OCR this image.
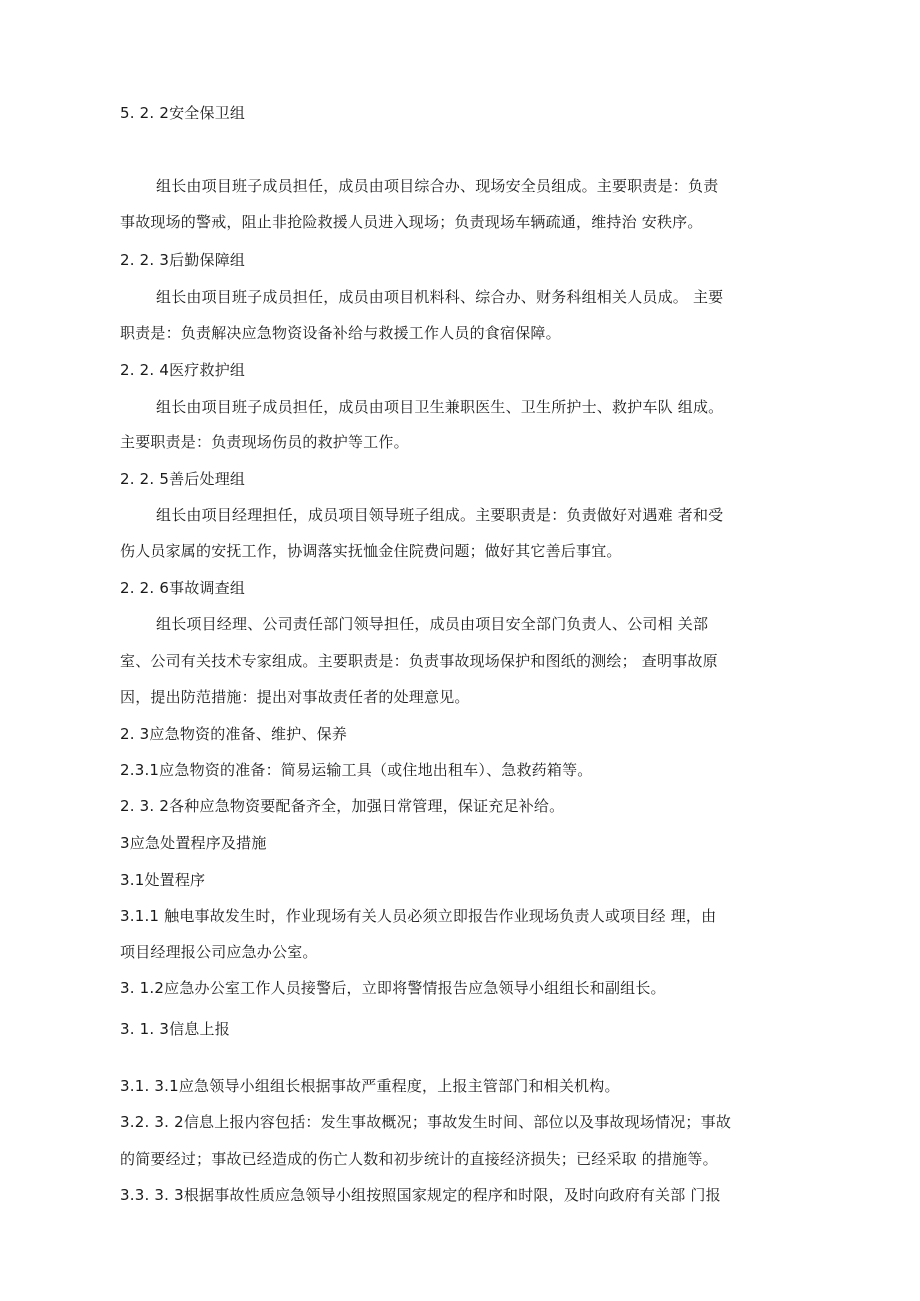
5. 2. 2安全保卫组
组长由项目班子成员担任，成员由项目综合办、现场安全员组成。主要职责是：负责
事故现场的警戒，阻止非抢险救援人员进入现场；负责现场车辆疏通，维持治 安秩序。
2. 2. 3后勤保障组
组长由项目班子成员担任，成员由项目机料科、综合办、财务科组相关人员成。 主要
职责是：负责解决应急物资设备补给与救援工作人员的食宿保障。
2. 2. 4医疗救护组
组长由项目班子成员担任，成员由项目卫生兼职医生、卫生所护士、救护车队 组成。
主要职责是：负责现场伤员的救护等工作。
2. 2. 5善后处理组
组长由项目经理担任，成员项目领导班子组成。主要职责是：负责做好对遇难 者和受
伤人员家属的安抚工作，协调落实抚恤金住院费问题；做好其它善后事宜。
2. 2. 6事故调查组
组长项目经理、公司责任部门领导担任，成员由项目安全部门负责人、公司相 关部
室、公司有关技术专家组成。主要职责是：负责事故现场保护和图纸的测绘； 查明事故原
因，提出防范措施：提出对事故责任者的处理意见。
2. 3应急物资的准备、维护、保养
2.3.1应急物资的准备：简易运输工具（或住地出租车）、急救药箱等。
2. 3. 2各种应急物资要配备齐全，加强日常管理，保证充足补给。
3应急处置程序及措施
3.1处置程序
3.1.1 触电事故发生时，作业现场有关人员必须立即报告作业现场负责人或项目经 理，由
项目经理报公司应急办公室。
3. 1.2应急办公室工作人员接警后，立即将警情报告应急领导小组组长和副组长。
3. 1. 3信息上报
3.1. 3.1应急领导小组组长根据事故严重程度，上报主管部门和相关机构。
3.2. 3. 2信息上报内容包括：发生事故概况；事故发生时间、部位以及事故现场情况；事故
的简要经过；事故已经造成的伤亡人数和初步统计的直接经济损失；已经采取 的措施等。
3.3. 3. 3根据事故性质应急领导小组按照国家规定的程序和时限，及时向政府有关部 门报
